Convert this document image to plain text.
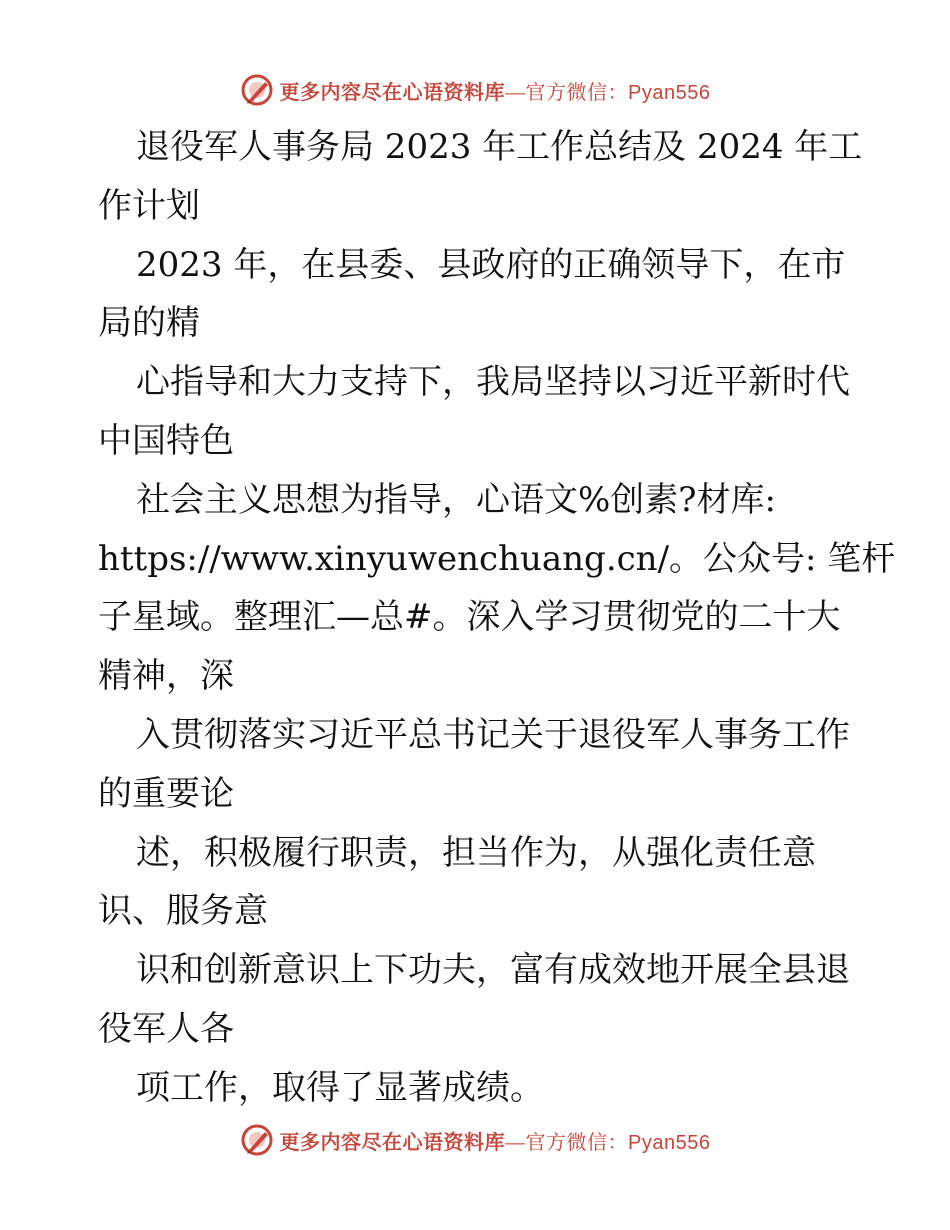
更多内容尽在心语资料库—官方微信：Pyan556
退役军人事务局 2023 年工作总结及 2024 年工
作计划
2023 年，在县委、县政府的正确领导下，在市
局的精
心指导和大力支持下，我局坚持以习近平新时代
中国特色
社会主义思想为指导，心语文%创素?材库:
https://www.xinyuwenchuang.cn/。公众号: 笔杆
子星域。整理汇—总#。深入学习贯彻党的二十大
精神，深
入贯彻落实习近平总书记关于退役军人事务工作
的重要论
述，积极履行职责，担当作为，从强化责任意
识、服务意
识和创新意识上下功夫，富有成效地开展全县退
役军人各
项工作，取得了显著成绩。
更多内容尽在心语资料库—官方微信：Pyan556
